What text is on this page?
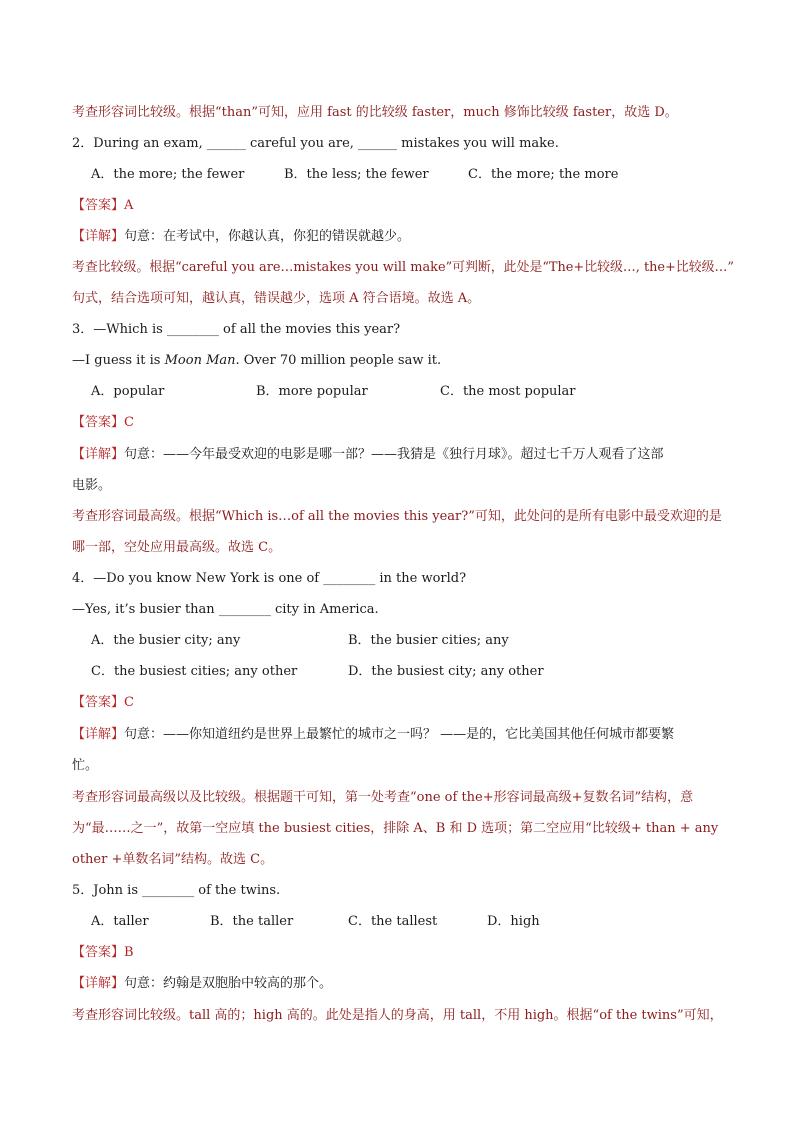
考查形容词比较级。根据“than”可知，应用 fast 的比较级 faster，much 修饰比较级 faster，故选 D。
2．During an exam, ______ careful you are, ______ mistakes you will make.
A．the more; the fewer	B．the less; the fewer	C．the more; the more
【答案】A
【详解】句意：在考试中，你越认真，你犯的错误就越少。
考查比较级。根据“careful you are…mistakes you will make”可判断，此处是“The+比较级…, the+比较级…”
句式，结合选项可知，越认真，错误越少，选项 A 符合语境。故选 A。
3．—Which is ________ of all the movies this year?
—I guess it is Moon Man. Over 70 million people saw it.
A．popular	B．more popular	C．the most popular
【答案】C
【详解】句意：——今年最受欢迎的电影是哪一部？——我猜是《独行月球》。超过七千万人观看了这部
电影。
考查形容词最高级。根据“Which is…of all the movies this year?”可知，此处问的是所有电影中最受欢迎的是
哪一部，空处应用最高级。故选 C。
4．—Do you know New York is one of ________ in the world?
—Yes, it’s busier than ________ city in America.
A．the busier city; any	B．the busier cities; any
C．the busiest cities; any other	D．the busiest city; any other
【答案】C
【详解】句意：——你知道纽约是世界上最繁忙的城市之一吗？ ——是的，它比美国其他任何城市都要繁
忙。
考查形容词最高级以及比较级。根据题干可知，第一处考查“one of the+形容词最高级+复数名词”结构，意
为“最……之一”，故第一空应填 the busiest cities，排除 A、B 和 D 选项；第二空应用“比较级+ than + any
other +单数名词”结构。故选 C。
5．John is ________ of the twins.
A．taller	B．the taller	C．the tallest	D．high
【答案】B
【详解】句意：约翰是双胞胎中较高的那个。
考查形容词比较级。tall 高的；high 高的。此处是指人的身高，用 tall，不用 high。根据“of the twins”可知，
